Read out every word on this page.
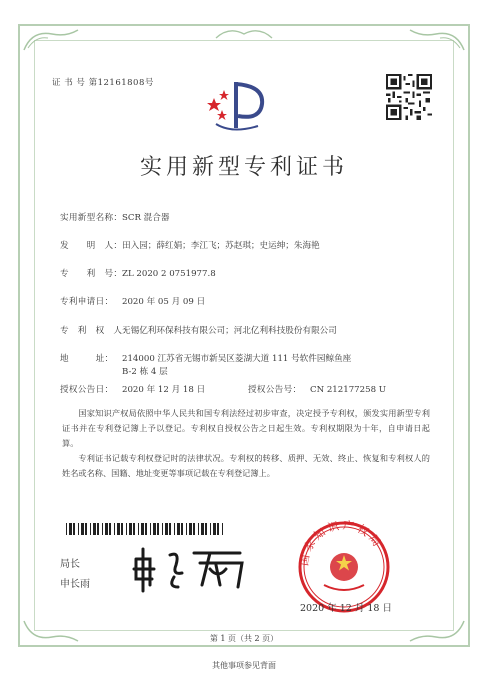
证 书 号 第12161808号
实用新型专利证书
实用新型名称：SCR 混合器
发　　明　人：田入园；薛红娟；李江飞；苏赵琪；史运绅；朱海艳
专　　利　号：ZL 2020 2 0751977.8
专利申请日： 2020 年 05 月 09 日
专　利　权　人：无锡亿利环保科技有限公司；河北亿利科技股份有限公司
地　　　址： 214000 江苏省无锡市新吴区菱湖大道 111 号软件园鲸鱼座
B-2 栋 4 层
授权公告日： 2020 年 12 月 18 日	授权公告号： CN 212177258 U
国家知识产权局依照中华人民共和国专利法经过初步审查，决定授予专利权，颁发实用新型专利证书并在专利登记簿上予以登记。专利权自授权公告之日起生效。专利权期限为十年，自申请日起算。
专利证书记载专利权登记时的法律状况。专利权的转移、质押、无效、终止、恢复和专利权人的姓名或名称、国籍、地址变更等事项记载在专利登记簿上。
局长
申长雨
国家知识产权局
2020 年 12 月 18 日
第 1 页（共 2 页）
其他事项参见背面
